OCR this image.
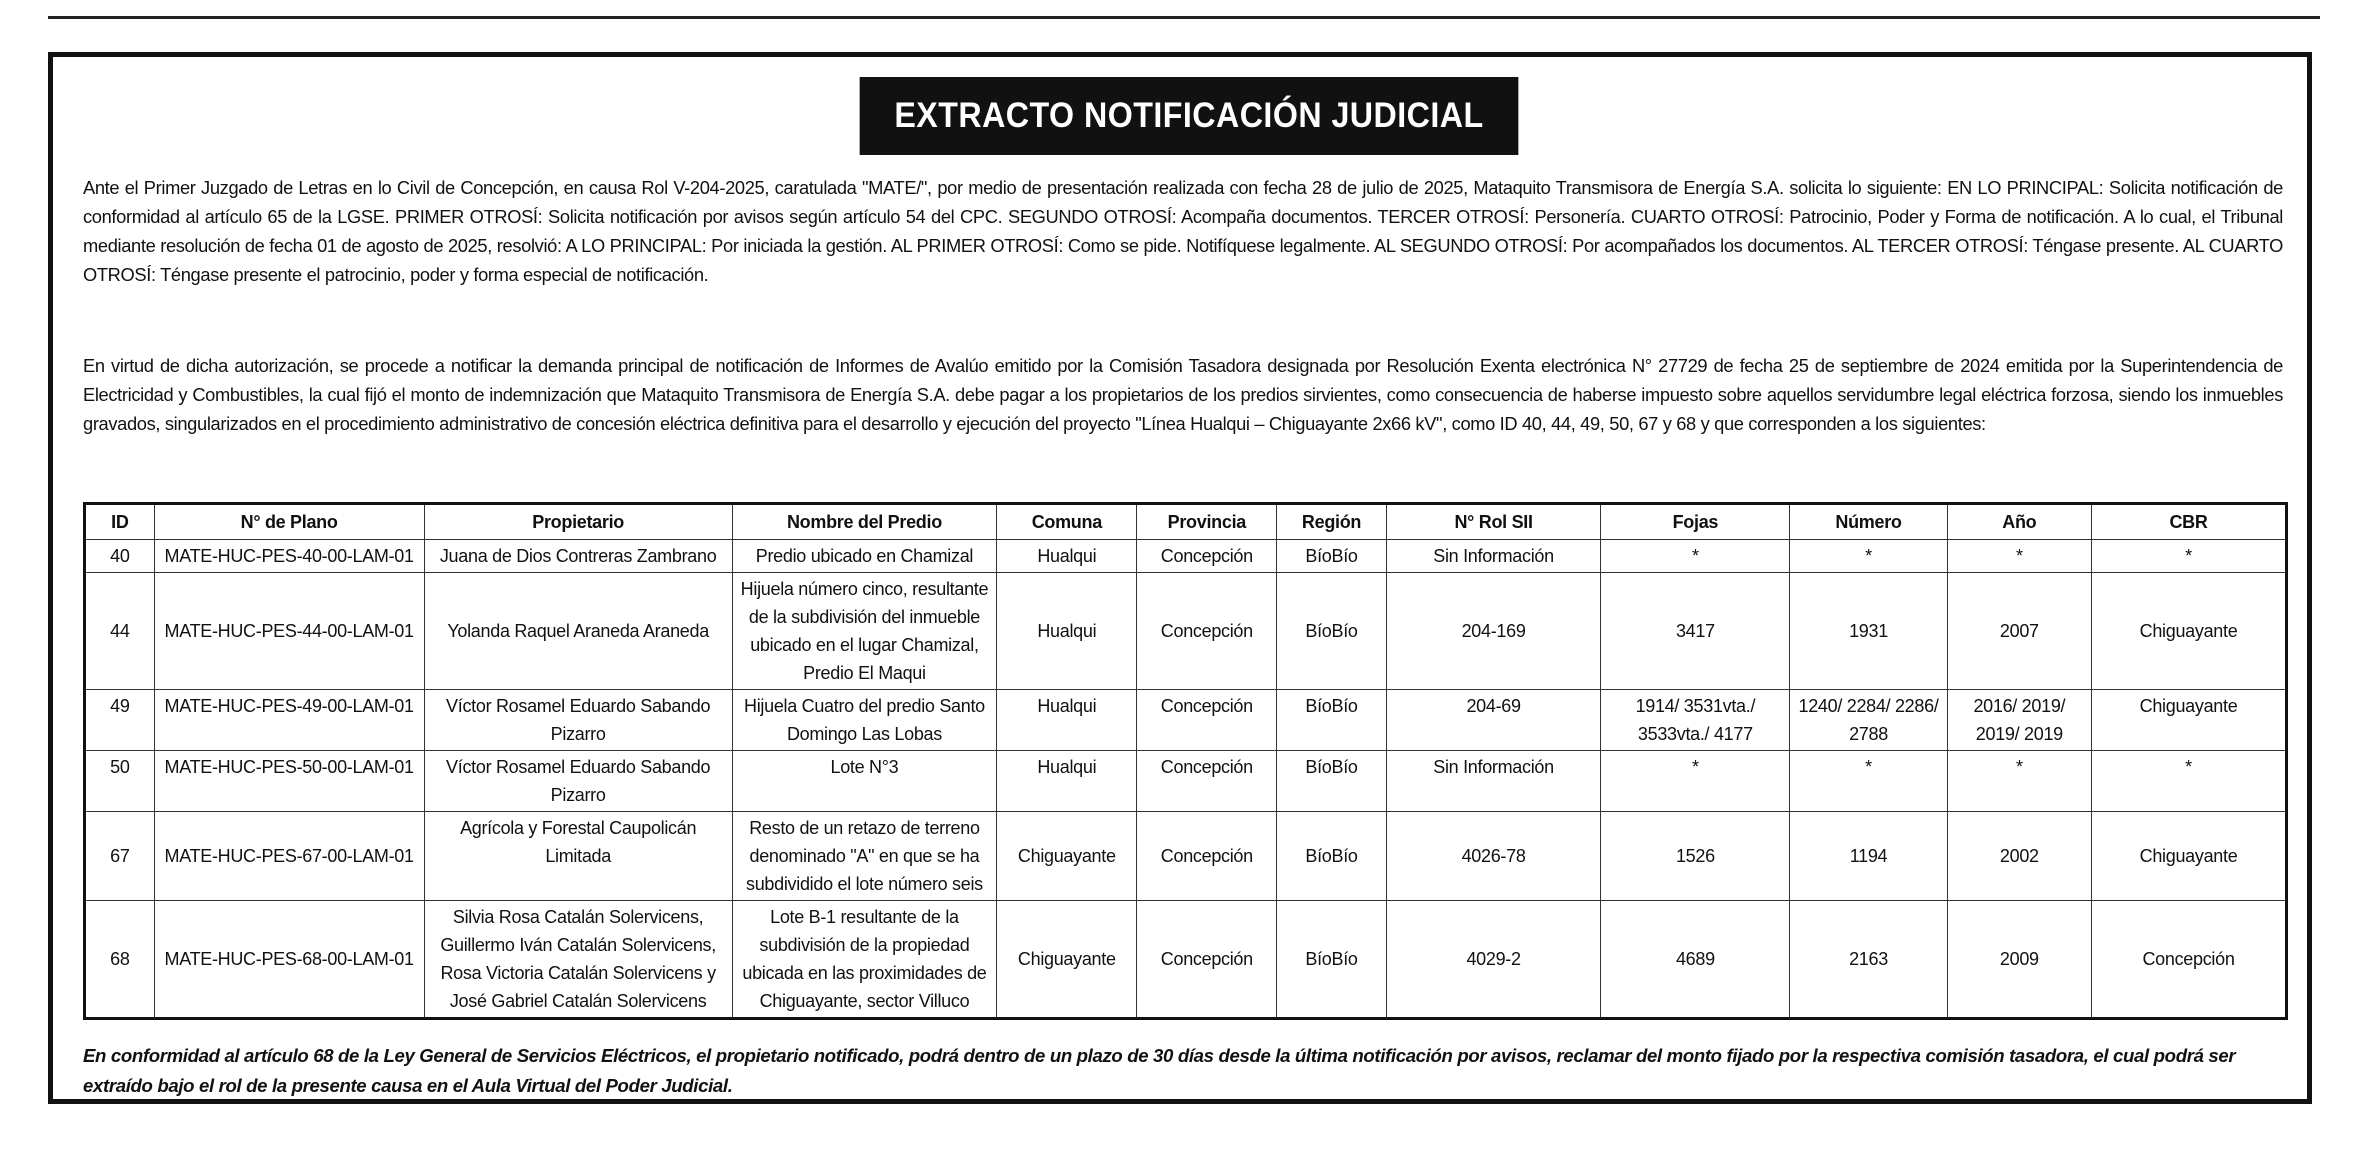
EXTRACTO NOTIFICACIÓN JUDICIAL

Ante el Primer Juzgado de Letras en lo Civil de Concepción, en causa Rol V-204-2025, caratulada "MATE/", por medio de presentación realizada con fecha 28 de julio de 2025, Mataquito Transmisora de Energía S.A. solicita lo siguiente: EN LO PRINCIPAL: Solicita notificación de conformidad al artículo 65 de la LGSE. PRIMER OTROSÍ: Solicita notificación por avisos según artículo 54 del CPC. SEGUNDO OTROSÍ: Acompaña documentos. TERCER OTROSÍ: Personería. CUARTO OTROSÍ: Patrocinio, Poder y Forma de notificación. A lo cual, el Tribunal mediante resolución de fecha 01 de agosto de 2025, resolvió: A LO PRINCIPAL: Por iniciada la gestión. AL PRIMER OTROSÍ: Como se pide. Notifíquese legalmente. AL SEGUNDO OTROSÍ: Por acompañados los documentos. AL TERCER OTROSÍ: Téngase presente. AL CUARTO OTROSÍ: Téngase presente el patrocinio, poder y forma especial de notificación.

En virtud de dicha autorización, se procede a notificar la demanda principal de notificación de Informes de Avalúo emitido por la Comisión Tasadora designada por Resolución Exenta electrónica N° 27729 de fecha 25 de septiembre de 2024 emitida por la Superintendencia de Electricidad y Combustibles, la cual fijó el monto de indemnización que Mataquito Transmisora de Energía S.A. debe pagar a los propietarios de los predios sirvientes, como consecuencia de haberse impuesto sobre aquellos servidumbre legal eléctrica forzosa, siendo los inmuebles gravados, singularizados en el procedimiento administrativo de concesión eléctrica definitiva para el desarrollo y ejecución del proyecto "Línea Hualqui – Chiguayante 2x66 kV", como ID 40, 44, 49, 50, 67 y 68 y que corresponden a los siguientes:

ID	N° de Plano	Propietario	Nombre del Predio	Comuna	Provincia	Región	N° Rol SII	Fojas	Número	Año	CBR
40	MATE-HUC-PES-40-00-LAM-01	Juana de Dios Contreras Zambrano	Predio ubicado en Chamizal	Hualqui	Concepción	BíoBío	Sin Información	*	*	*	*
44	MATE-HUC-PES-44-00-LAM-01	Yolanda Raquel Araneda Araneda	Hijuela número cinco, resultante de la subdivisión del inmueble ubicado en el lugar Chamizal, Predio El Maqui	Hualqui	Concepción	BíoBío	204-169	3417	1931	2007	Chiguayante
49	MATE-HUC-PES-49-00-LAM-01	Víctor Rosamel Eduardo Sabando Pizarro	Hijuela Cuatro del predio Santo Domingo Las Lobas	Hualqui	Concepción	BíoBío	204-69	1914/ 3531vta./ 3533vta./ 4177	1240/ 2284/ 2286/ 2788	2016/ 2019/ 2019/ 2019	Chiguayante
50	MATE-HUC-PES-50-00-LAM-01	Víctor Rosamel Eduardo Sabando Pizarro	Lote N°3	Hualqui	Concepción	BíoBío	Sin Información	*	*	*	*
67	MATE-HUC-PES-67-00-LAM-01	Agrícola y Forestal Caupolicán Limitada	Resto de un retazo de terreno denominado "A" en que se ha subdividido el lote número seis	Chiguayante	Concepción	BíoBío	4026-78	1526	1194	2002	Chiguayante
68	MATE-HUC-PES-68-00-LAM-01	Silvia Rosa Catalán Solervicens, Guillermo Iván Catalán Solervicens, Rosa Victoria Catalán Solervicens y José Gabriel Catalán Solervicens	Lote B-1 resultante de la subdivisión de la propiedad ubicada en las proximidades de Chiguayante, sector Villuco	Chiguayante	Concepción	BíoBío	4029-2	4689	2163	2009	Concepción

En conformidad al artículo 68 de la Ley General de Servicios Eléctricos, el propietario notificado, podrá dentro de un plazo de 30 días desde la última notificación por avisos, reclamar del monto fijado por la respectiva comisión tasadora, el cual podrá ser extraído bajo el rol de la presente causa en el Aula Virtual del Poder Judicial.
